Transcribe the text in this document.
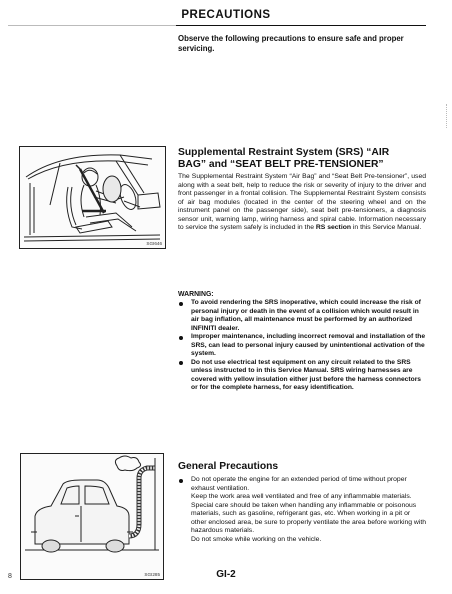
PRECAUTIONS
Observe the following precautions to ensure safe and proper servicing.
SGI646
Supplemental Restraint System (SRS) “AIR
BAG” and “SEAT BELT PRE-TENSIONER”

The Supplemental Restraint System “Air Bag” and “Seat Belt Pre-tensioner”, used along with a seat belt, help to reduce the risk or severity of injury to the driver and front passenger in a frontal collision. The Supplemental Restraint System consists of air bag modules (located in the center of the steering wheel and on the instrument panel on the passenger side), seat belt pre-tensioners, a diagnosis sensor unit, warning lamp, wiring harness and spiral cable. Information necessary to service the system safely is included in the RS section in this Service Manual.

WARNING:
To avoid rendering the SRS inoperative, which could increase the risk of personal injury or death in the event of a collision which would result in air bag inflation, all maintenance must be performed by an authorized INFINITI dealer.
Improper maintenance, including incorrect removal and installation of the SRS, can lead to personal injury caused by unintentional activation of the system.
Do not use electrical test equipment on any circuit related to the SRS unless instructed to in this Service Manual. SRS wiring harnesses are covered with yellow insulation either just before the harness connectors or for the complete harness, for easy identification.
SGI285
General Precautions
Do not operate the engine for an extended period of time without proper exhaust ventilation.
Keep the work area well ventilated and free of any inflammable materials. Special care should be taken when handling any inflammable or poisonous materials, such as gasoline, refrigerant gas, etc. When working in a pit or other enclosed area, be sure to properly ventilate the area before working with hazardous materials.
Do not smoke while working on the vehicle.
8	GI-2
